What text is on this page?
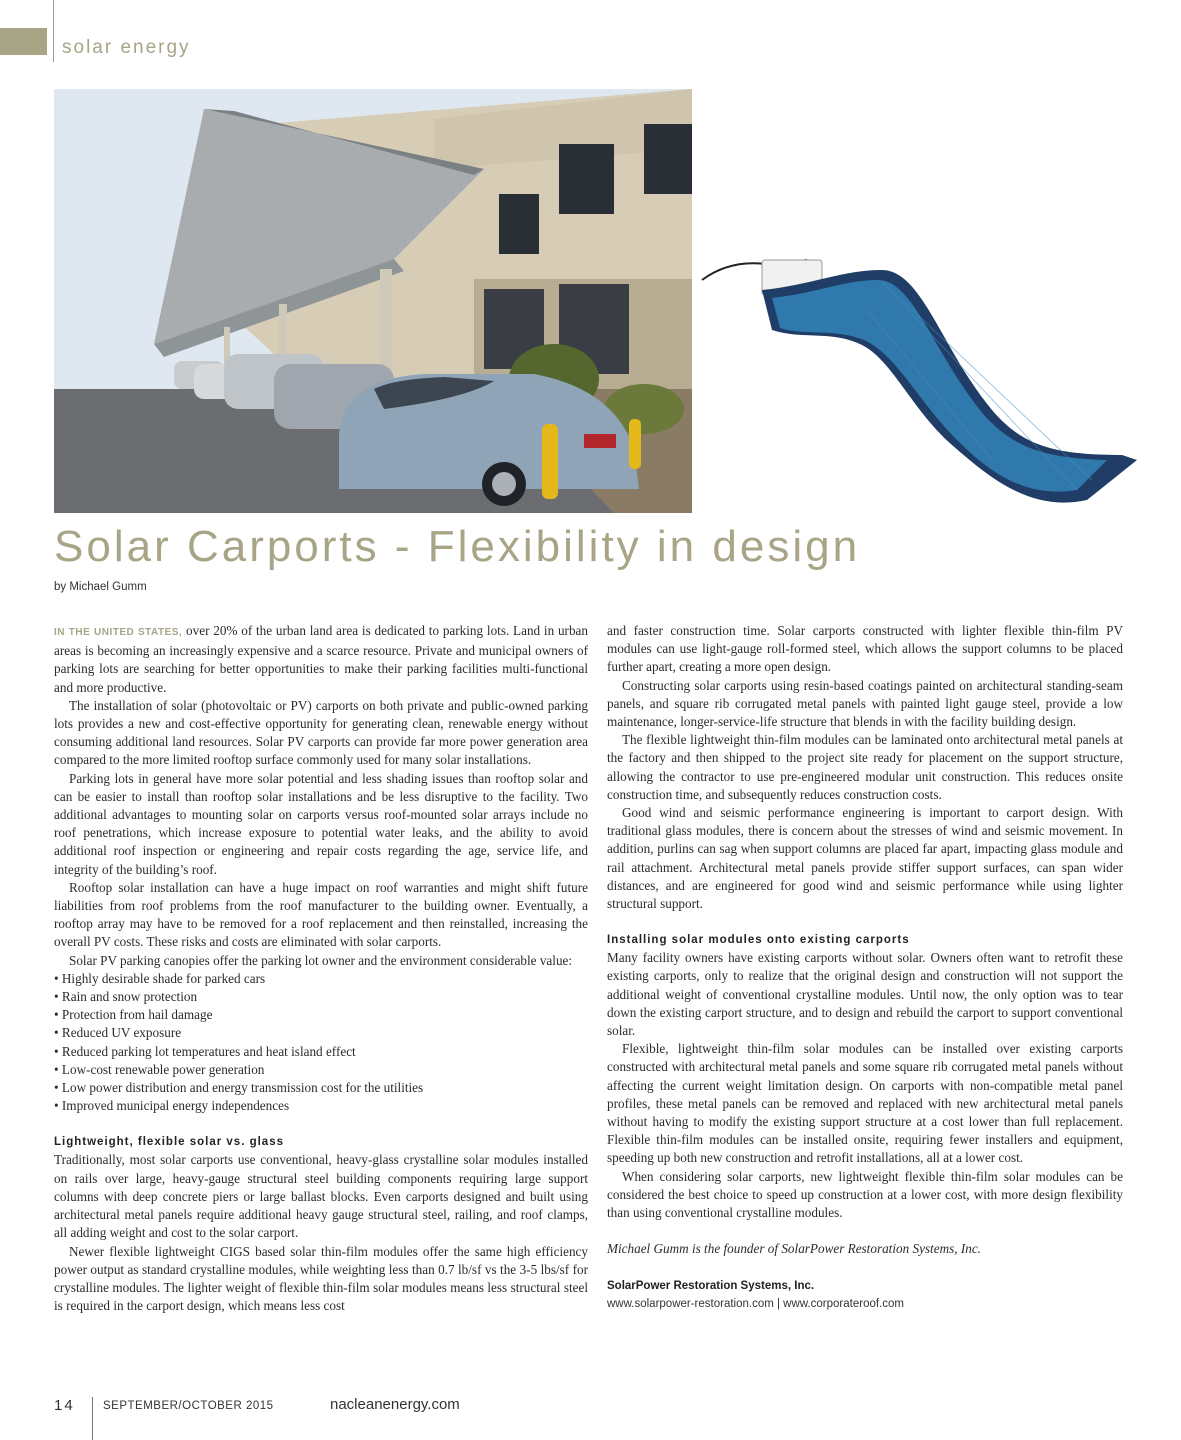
solar energy
Solar Carports - Flexibility in design
by Michael Gumm

IN THE UNITED STATES, over 20% of the urban land area is dedicated to parking lots. Land in urban areas is becoming an increasingly expensive and a scarce resource. Private and municipal owners of parking lots are searching for better opportunities to make their parking facilities multi-functional and more productive.

The installation of solar (photovoltaic or PV) carports on both private and public-owned parking lots provides a new and cost-effective opportunity for generating clean, renewable energy without consuming additional land resources. Solar PV carports can provide far more power generation area compared to the more limited rooftop surface commonly used for many solar installations.

Parking lots in general have more solar potential and less shading issues than rooftop solar and can be easier to install than rooftop solar installations and be less disruptive to the facility. Two additional advantages to mounting solar on carports versus roof-mounted solar arrays include no roof penetrations, which increase exposure to potential water leaks, and the ability to avoid additional roof inspection or engineering and repair costs regarding the age, service life, and integrity of the building’s roof.

Rooftop solar installation can have a huge impact on roof warranties and might shift future liabilities from roof problems from the roof manufacturer to the building owner. Eventually, a rooftop array may have to be removed for a roof replacement and then reinstalled, increasing the overall PV costs. These risks and costs are eliminated with solar carports.

Solar PV parking canopies offer the parking lot owner and the environment considerable value:

• Highly desirable shade for parked cars
• Rain and snow protection
• Protection from hail damage
• Reduced UV exposure
• Reduced parking lot temperatures and heat island effect
• Low-cost renewable power generation
• Low power distribution and energy transmission cost for the utilities
• Improved municipal energy independences
Lightweight, flexible solar vs. glass

Traditionally, most solar carports use conventional, heavy-glass crystalline solar modules installed on rails over large, heavy-gauge structural steel building components requiring large support columns with deep concrete piers or large ballast blocks. Even carports designed and built using architectural metal panels require additional heavy gauge structural steel, railing, and roof clamps, all adding weight and cost to the solar carport.

Newer flexible lightweight CIGS based solar thin-film modules offer the same high efficiency power output as standard crystalline modules, while weighting less than 0.7 lb/sf vs the 3-5 lbs/sf for crystalline modules. The lighter weight of flexible thin-film solar modules means less structural steel is required in the carport design, which means less cost

and faster construction time. Solar carports constructed with lighter flexible thin-film PV modules can use light-gauge roll-formed steel, which allows the support columns to be placed further apart, creating a more open design.

Constructing solar carports using resin-based coatings painted on architectural standing-seam panels, and square rib corrugated metal panels with painted light gauge steel, provide a low maintenance, longer-service-life structure that blends in with the facility building design.

The flexible lightweight thin-film modules can be laminated onto architectural metal panels at the factory and then shipped to the project site ready for placement on the support structure, allowing the contractor to use pre-engineered modular unit construction. This reduces onsite construction time, and subsequently reduces construction costs.

Good wind and seismic performance engineering is important to carport design. With traditional glass modules, there is concern about the stresses of wind and seismic movement. In addition, purlins can sag when support columns are placed far apart, impacting glass module and rail attachment. Architectural metal panels provide stiffer support surfaces, can span wider distances, and are engineered for good wind and seismic performance while using lighter structural support.

Installing solar modules onto existing carports

Many facility owners have existing carports without solar. Owners often want to retrofit these existing carports, only to realize that the original design and construction will not support the additional weight of conventional crystalline modules. Until now, the only option was to tear down the existing carport structure, and to design and rebuild the carport to support conventional solar.

Flexible, lightweight thin-film solar modules can be installed over existing carports constructed with architectural metal panels and some square rib corrugated metal panels without affecting the current weight limitation design. On carports with non-compatible metal panel profiles, these metal panels can be removed and replaced with new architectural metal panels without having to modify the existing support structure at a cost lower than full replacement. Flexible thin-film modules can be installed onsite, requiring fewer installers and equipment, speeding up both new construction and retrofit installations, all at a lower cost.

When considering solar carports, new lightweight flexible thin-film solar modules can be considered the best choice to speed up construction at a lower cost, with more design flexibility than using conventional crystalline modules.

Michael Gumm is the founder of SolarPower Restoration Systems, Inc.

SolarPower Restoration Systems, Inc.
www.solarpower-restoration.com | www.corporateroof.com
14 SEPTEMBER/OCTOBER 2015	nacleanenergy.com
